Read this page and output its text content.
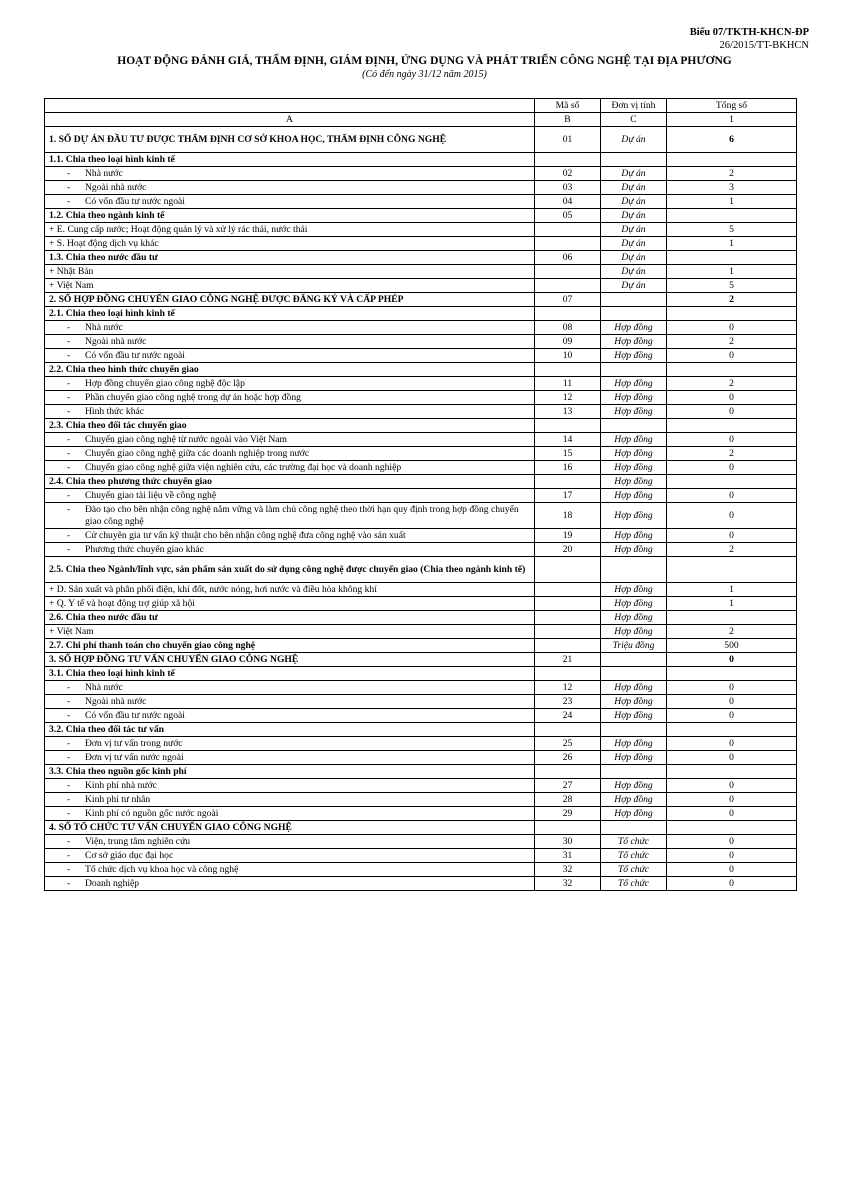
Biểu 07/TKTH-KHCN-ĐP
26/2015/TT-BKHCN
HOẠT ĐỘNG ĐÁNH GIÁ, THẨM ĐỊNH, GIÁM ĐỊNH, ỨNG DỤNG VÀ PHÁT TRIỂN CÔNG NGHỆ TẠI ĐỊA PHƯƠNG
(Có đến ngày 31/12 năm 2015)
	Mã số	Đơn vị tính	Tổng số
A	B	C	1
1. SỐ DỰ ÁN ĐẦU TƯ ĐƯỢC THẨM ĐỊNH CƠ SỞ KHOA HỌC, THẨM ĐỊNH CÔNG NGHỆ	01	Dự án	6
1.1. Chia theo loại hình kinh tế			

- Nhà nước	02	Dự án	2

- Ngoài nhà nước	03	Dự án	3

- Có vốn đầu tư nước ngoài	04	Dự án	1
1.2. Chia theo ngành kinh tế	05	Dự án	
+ E. Cung cấp nước; Hoạt động quản lý và xử lý rác thải, nước thải		Dự án	5
+ S. Hoạt động dịch vụ khác		Dự án	1
1.3. Chia theo nước đầu tư	06	Dự án	
+ Nhật Bản		Dự án	1
+ Việt Nam		Dự án	5
2. SỐ HỢP ĐỒNG CHUYỂN GIAO CÔNG NGHỆ ĐƯỢC ĐĂNG KÝ VÀ CẤP PHÉP	07		2
2.1. Chia theo loại hình kinh tế			

- Nhà nước	08	Hợp đồng	0

- Ngoài nhà nước	09	Hợp đồng	2

- Có vốn đầu tư nước ngoài	10	Hợp đồng	0
2.2. Chia theo hình thức chuyển giao			

- Hợp đồng chuyển giao công nghệ độc lập	11	Hợp đồng	2

- Phần chuyển giao công nghệ trong dự án hoặc hợp đồng	12	Hợp đồng	0

- Hình thức khác	13	Hợp đồng	0
2.3. Chia theo đối tác chuyển giao			

- Chuyển giao công nghệ từ nước ngoài vào Việt Nam	14	Hợp đồng	0

- Chuyển giao công nghệ giữa các doanh nghiệp trong nước	15	Hợp đồng	2

- Chuyển giao công nghệ giữa viện nghiên cứu, các trường đại học và doanh nghiệp	16	Hợp đồng	0
2.4. Chia theo phương thức chuyển giao		Hợp đồng	

- Chuyển giao tài liệu về công nghệ	17	Hợp đồng	0

- Đào tạo cho bên nhận công nghệ nắm vững và làm chủ công nghệ theo thời hạn quy định trong hợp đồng chuyển giao công nghệ	18	Hợp đồng	0

- Cử chuyên gia tư vấn kỹ thuật cho bên nhận công nghệ đưa công nghệ vào sản xuất	19	Hợp đồng	0

- Phương thức chuyển giao khác	20	Hợp đồng	2
2.5. Chia theo Ngành/lĩnh vực, sản phẩm sản xuất do sử dụng công nghệ được chuyển giao (Chia theo ngành kinh tế)			
+ D. Sản xuất và phân phối điện, khí đốt, nước nóng, hơi nước và điều hòa không khí		Hợp đồng	1
+ Q. Y tế và hoạt động trợ giúp xã hội		Hợp đồng	1
2.6. Chia theo nước đầu tư		Hợp đồng	
+ Việt Nam		Hợp đồng	2
2.7. Chi phí thanh toán cho chuyển giao công nghệ		Triệu đồng	500
3. SỐ HỢP ĐỒNG TƯ VẤN CHUYỂN GIAO CÔNG NGHỆ	21		0
3.1. Chia theo loại hình kinh tế			

- Nhà nước	12	Hợp đồng	0

- Ngoài nhà nước	23	Hợp đồng	0

- Có vốn đầu tư nước ngoài	24	Hợp đồng	0
3.2. Chia theo đối tác tư vấn			

- Đơn vị tư vấn trong nước	25	Hợp đồng	0

- Đơn vị tư vấn nước ngoài	26	Hợp đồng	0
3.3. Chia theo nguồn gốc kinh phí			

- Kinh phí nhà nước	27	Hợp đồng	0

- Kinh phí tư nhân	28	Hợp đồng	0

- Kinh phí có nguồn gốc nước ngoài	29	Hợp đồng	0
4. SỐ TỔ CHỨC TƯ VẤN CHUYỂN GIAO CÔNG NGHỆ			

- Viện, trung tâm nghiên cứu	30	Tổ chức	0

- Cơ sở giáo dục đại học	31	Tổ chức	0

- Tổ chức dịch vụ khoa học và công nghệ	32	Tổ chức	0

- Doanh nghiệp	32	Tổ chức	0
